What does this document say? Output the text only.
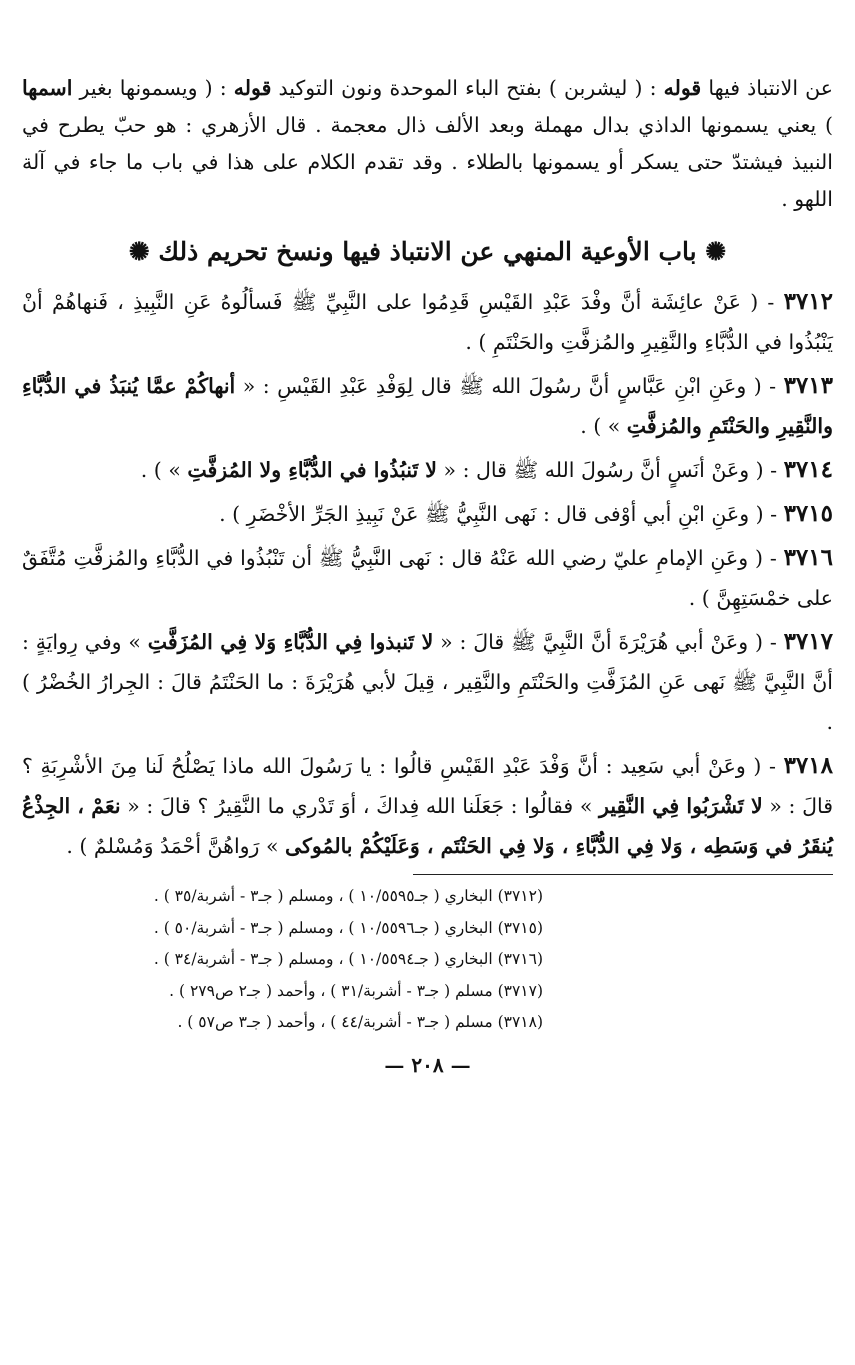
عن الانتباذ فيها قوله : ( ليشربن ) بفتح الباء الموحدة ونون التوكيد قوله : ( ويسمونها بغير اسمها ) يعني يسمونها الداذي بدال مهملة وبعد الألف ذال معجمة . قال الأزهري : هو حبّ يطرح في النبيذ فيشتدّ حتى يسكر أو يسمونها بالطلاء . وقد تقدم الكلام على هذا في باب ما جاء في آلة اللهو .

✺ باب الأوعية المنهي عن الانتباذ فيها ونسخ تحريم ذلك ✺

٣٧١٢ - ( عَنْ عائِشَة أنَّ وفْدَ عَبْدِ القَيْسِ قَدِمُوا على النَّبِيِّ ﷺ فَسألُوهُ عَنِ النَّبِيذِ ، فَنهاهُمْ أنْ يَنْبُذُوا في الدُّبَّاءِ والنَّقِيرِ والمُزفَّتِ والحَنْتَمِ ) .

٣٧١٣ - ( وعَنِ ابْنِ عَبَّاسٍ أنَّ رسُولَ الله ﷺ قال لِوَفْدِ عَبْدِ القَيْسِ : « أنهاكُمْ عمَّا يُنبَذُ في الدُّبَّاءِ والنَّقِيرِ والحَنْتَمِ والمُزفَّتِ » ) .

٣٧١٤ - ( وعَنْ أنَسٍ أنَّ رسُولَ الله ﷺ قال : « لا تَنبُذُوا في الدُّبَّاءِ ولا المُزفَّتِ » ) .

٣٧١٥ - ( وعَنِ ابْنِ أبي أوْفى قال : نَهى النَّبِيُّ ﷺ عَنْ نَبِيذِ الجَرِّ الأخْضَرِ ) .

٣٧١٦ - ( وعَنِ الإمامِ عليّ رضي الله عَنْهُ قال : نَهى النَّبِيُّ ﷺ أن تَنْبُذُوا في الدُّبَّاءِ والمُزفَّتِ مُتَّفَقٌ على خمْسَتِهِنَّ ) .

٣٧١٧ - ( وعَنْ أبي هُرَيْرَةَ أنَّ النَّبِيَّ ﷺ قالَ : « لا تَنبذوا فِي الدُّبَّاءِ وَلا فِي المُزَفَّتِ » وفي رِوايَةٍ : أنَّ النَّبِيَّ ﷺ نَهى عَنِ المُزَفَّتِ والحَنْتَمِ والنَّقِير ، قِيلَ لأبي هُرَيْرَةَ : ما الحَنْتَمُ قالَ : الجِرارُ الخُضْرُ ) .

٣٧١٨ - ( وعَنْ أبي سَعِيد : أنَّ وَفْدَ عَبْدِ القَيْسِ قالُوا : يا رَسُولَ الله ماذا يَصْلُحُ لَنا مِنَ الأشْرِبَةِ ؟ قالَ : « لا تَشْرَبُوا فِي النَّقِير » فقالُوا : جَعَلَنا الله فِداكَ ، أوَ تَدْري ما النَّقِيرُ ؟ قالَ : « نعَمْ ، الجِذْعُ يُنقَرُ في وَسَطِه ، وَلا فِي الدُّبَّاءِ ، وَلا فِي الحَنْتَم ، وَعَلَيْكُمْ بالمُوكى » رَواهُنَّ أحْمَدُ وَمُسْلمٌ ) .

(٣٧١٢) البخاري ( جـ١٠/٥٥٩٥ ) ، ومسلم ( جـ٣ - أشربة/٣٥ ) .

(٣٧١٥) البخاري ( جـ١٠/٥٥٩٦ ) ، ومسلم ( جـ٣ - أشربة/٥٠ ) .

(٣٧١٦) البخاري ( جـ١٠/٥٥٩٤ ) ، ومسلم ( جـ٣ - أشربة/٣٤ ) .

(٣٧١٧) مسلم ( جـ٣ - أشربة/٣١ ) ، وأحمد ( جـ٢ ص٢٧٩ ) .

(٣٧١٨) مسلم ( جـ٣ - أشربة/٤٤ ) ، وأحمد ( جـ٣ ص٥٧ ) .

— ٢٠٨ —
